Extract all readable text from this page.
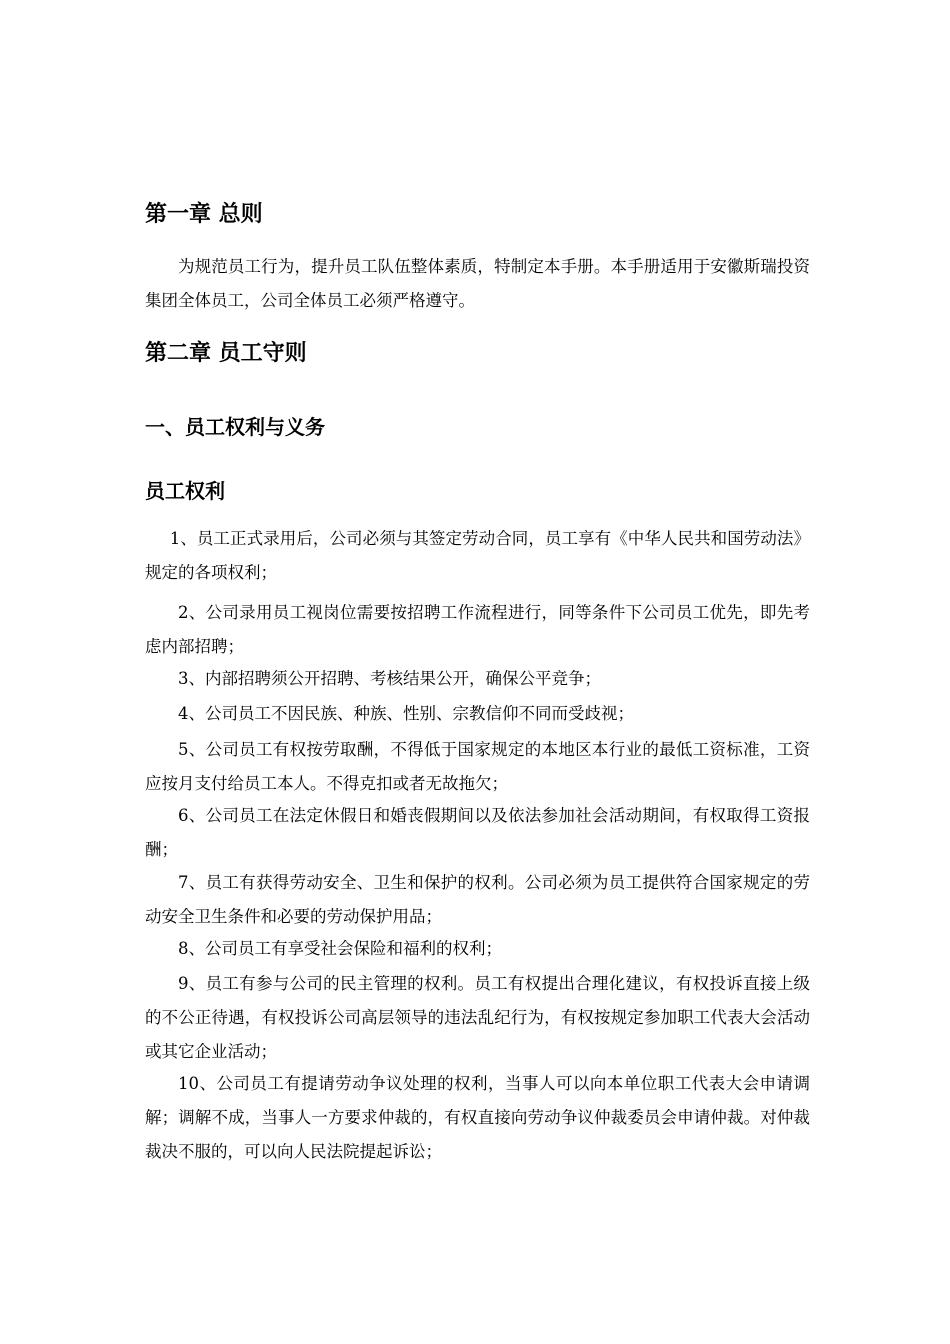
第一章 总则
为规范员工行为，提升员工队伍整体素质，特制定本手册。本手册适用于安徽斯瑞投资集团全体员工，公司全体员工必须严格遵守。
第二章 员工守则
一、员工权利与义务
员工权利
1、员工正式录用后，公司必须与其签定劳动合同，员工享有《中华人民共和国劳动法》规定的各项权利；
2、公司录用员工视岗位需要按招聘工作流程进行，同等条件下公司员工优先，即先考虑内部招聘；
3、内部招聘须公开招聘、考核结果公开，确保公平竞争；
4、公司员工不因民族、种族、性别、宗教信仰不同而受歧视；
5、公司员工有权按劳取酬，不得低于国家规定的本地区本行业的最低工资标准，工资应按月支付给员工本人。不得克扣或者无故拖欠；
6、公司员工在法定休假日和婚丧假期间以及依法参加社会活动期间，有权取得工资报酬；
7、员工有获得劳动安全、卫生和保护的权利。公司必须为员工提供符合国家规定的劳动安全卫生条件和必要的劳动保护用品；
8、公司员工有享受社会保险和福利的权利；
9、员工有参与公司的民主管理的权利。员工有权提出合理化建议，有权投诉直接上级的不公正待遇，有权投诉公司高层领导的违法乱纪行为，有权按规定参加职工代表大会活动或其它企业活动；
10、公司员工有提请劳动争议处理的权利，当事人可以向本单位职工代表大会申请调解；调解不成，当事人一方要求仲裁的，有权直接向劳动争议仲裁委员会申请仲裁。对仲裁裁决不服的，可以向人民法院提起诉讼；
